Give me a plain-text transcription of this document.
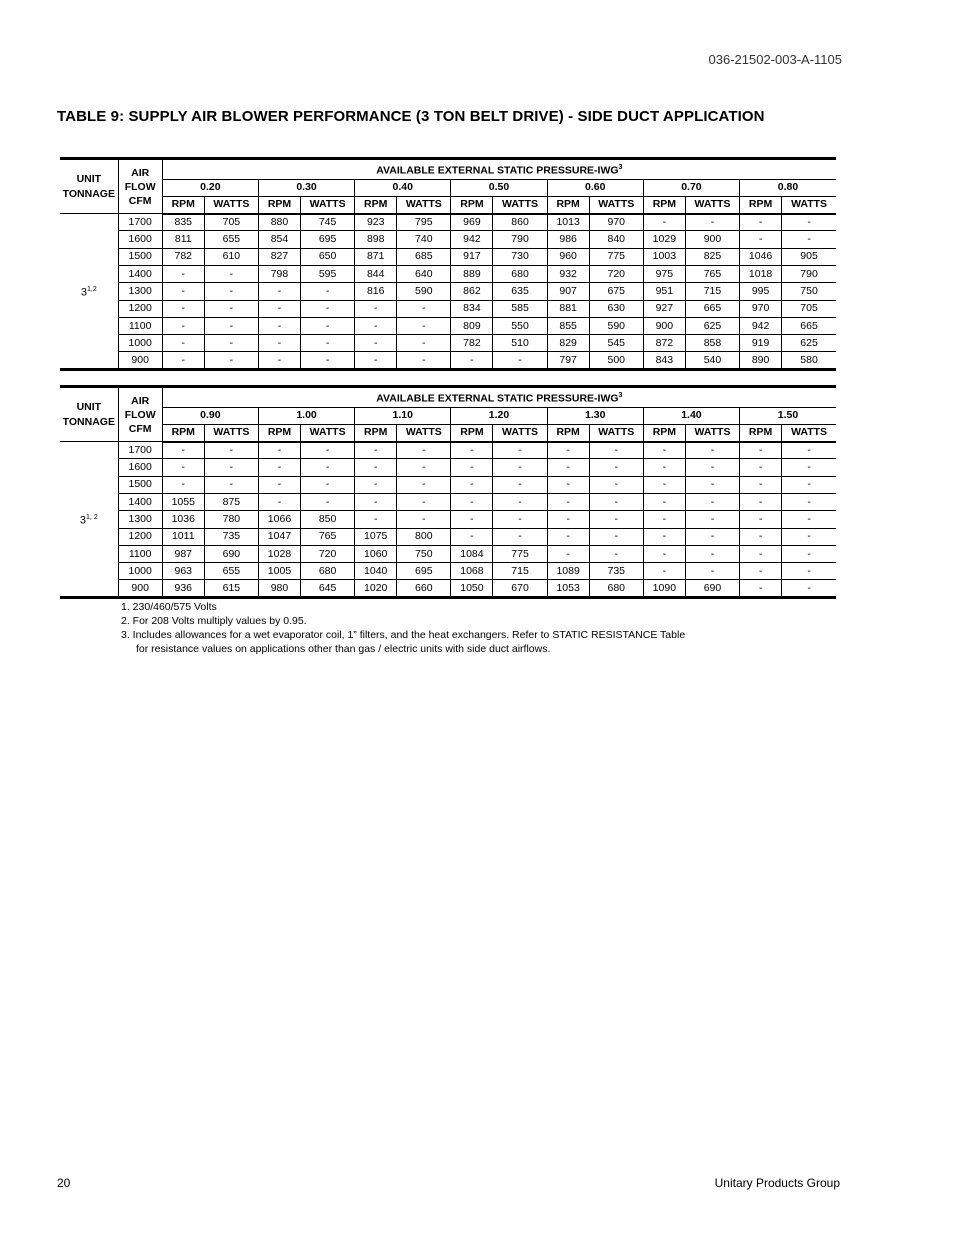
036-21502-003-A-1105
TABLE 9: SUPPLY AIR BLOWER PERFORMANCE (3 TON BELT DRIVE) - SIDE DUCT APPLICATION
UNIT TONNAGE	AIR FLOW CFM	AVAILABLE EXTERNAL STATIC PRESSURE-IWG$^3$
		0.20		0.30		0.40		0.50		0.60		0.70		0.80	
		RPM	WATTS	RPM	WATTS	RPM	WATTS	RPM	WATTS	RPM	WATTS	RPM	WATTS	RPM	WATTS
3$^{1,2}$	1700	835	705	880	745	923	795	969	860	1013	970	-	-	-	-
	1600	811	655	854	695	898	740	942	790	986	840	1029	900	-	-
	1500	782	610	827	650	871	685	917	730	960	775	1003	825	1046	905
	1400	-	-	798	595	844	640	889	680	932	720	975	765	1018	790
	1300	-	-	-	-	816	590	862	635	907	675	951	715	995	750
	1200	-	-	-	-	-	-	834	585	881	630	927	665	970	705
	1100	-	-	-	-	-	-	809	550	855	590	900	625	942	665
	1000	-	-	-	-	-	-	782	510	829	545	872	858	919	625
	900	-	-	-	-	-	-	-	-	797	500	843	540	890	580
UNIT TONNAGE	AIR FLOW CFM	AVAILABLE EXTERNAL STATIC PRESSURE-IWG$^3$
		0.90		1.00		1.10		1.20		1.30		1.40		1.50	
		RPM	WATTS	RPM	WATTS	RPM	WATTS	RPM	WATTS	RPM	WATTS	RPM	WATTS	RPM	WATTS
3$^{1, 2}$	1700	-	-	-	-	-	-	-	-	-	-	-	-	-	-
	1600	-	-	-	-	-	-	-	-	-	-	-	-	-	-
	1500	-	-	-	-	-	-	-	-	-	-	-	-	-	-
	1400	1055	875	-	-	-	-	-	-	-	-	-	-	-	-
	1300	1036	780	1066	850	-	-	-	-	-	-	-	-	-	-
	1200	1011	735	1047	765	1075	800	-	-	-	-	-	-	-	-
	1100	987	690	1028	720	1060	750	1084	775	-	-	-	-	-	-
	1000	963	655	1005	680	1040	695	1068	715	1089	735	-	-	-	-
	900	936	615	980	645	1020	660	1050	670	1053	680	1090	690	-	-
1. 230/460/575 Volts
2. For 208 Volts multiply values by 0.95.
3. Includes allowances for a wet evaporator coil, 1” filters, and the heat exchangers. Refer to STATIC RESISTANCE Table
for resistance values on applications other than gas / electric units with side duct airflows.
20	Unitary Products Group
